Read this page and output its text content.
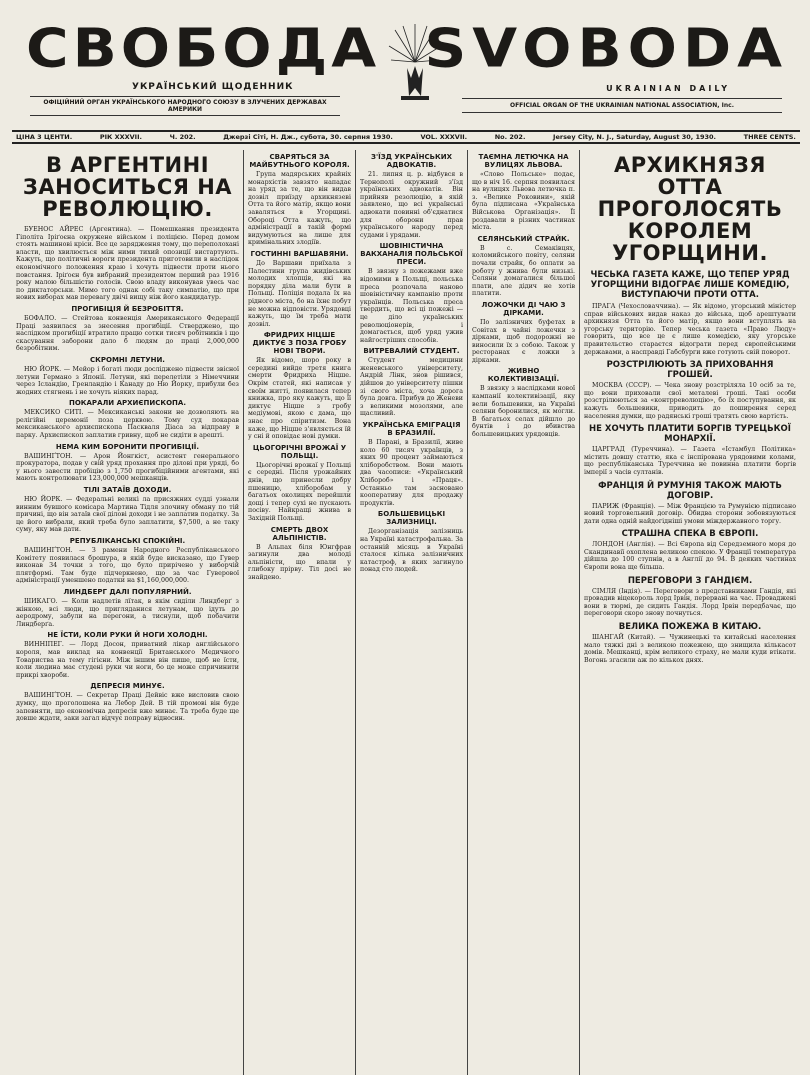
СВОБОДА SVOBODA
УКРАЇНСЬКИЙ ЩОДЕННИК	UKRAINIAN DAILY
ОФІЦІЙНИЙ ОРГАН УКРАЇНСЬКОГО НАРОДНОГО СОЮЗУ В ЗЛУЧЕНИХ ДЕРЖАВАХ АМЕРИКИ
OFFICIAL ORGAN OF THE UKRAINIAN NATIONAL ASSOCIATION, Inc.
ЦІНА 3 ЦЕНТИ.	РІК XXXVII.	Ч. 202.	Джерзі Сіті, Н. Дж., субота, 30. серпня 1930.	VOL. XXXVII.	No. 202.	Jersey City, N. J., Saturday, August 30, 1930.	THREE CENTS.
В АРГЕНТИНІ ЗАНОСИТЬСЯ НА РЕВОЛЮЦІЮ.

БУЕНОС АЙРЕС (Аргентина). — Помешкання президента Гіполіта Іріґоєна окружене військом і поліцією. Перед домом стоять машинові кріси. Все це зарядження тому, що переполохані власти, що хвилюється між ними тихий опозиції вистартують. Кажуть, що політичні вороги президента приготовили в наслідок економічного положення краю і хочуть підвести проти нього повстання. Іріґоєн був вибраний президентом перший раз 1916 року малою більшістю голосів. Свою владу виконував увесь час по диктаторськи. Мимо того однак собі таку симпатію, що при нових виборах мав перевагу двічі вищу ніж його кандидатур.

ПРОГИБІЦІЯ Й БЕЗРОБІТТЯ.

БОФАЛО. — Стейтова конвенція Американського Федерації Праці заявилася за знесення прогибіції. Стверджено, що наслідком прогибіції втратило працю сотки тисяч робітників і що скасування заборони дало б людям до праці 2,000,000 безробітним.

СКРОМНІ ЛЕТУНИ.

НЮ ЙОРК. — Мейор і богаті люди досліджено підвести звісної летуни Германо з Японії. Летуни, які перелетіли з Німеччини через Ісландію, Гренландію і Канаду до Ню Йорку, прибули без жодних стягнень і не хочуть ніяких парад.

ПОКАРАЛИ АРХИЄПИСКОПА.

МЕКСИКО СИТІ. — Мексиканські закони не дозволяють на релігійні церемонії поза церквою. Тому суд покарав мексиканського архиєпископа Паскваля Діаса за відправу в парку. Архиєпископ заплатив гривну, щоб не сидіти в арешті.

НЕМА КИМ БОРОНИТИ ПРОГИБІЦІЇ.

ВАШИНҐТОН. — Арон Йонгкіст, асистент генерального прокуратора, подав у свій уряд прохання про ділові при уряді, бо у нього завести пробіцію з 1,750 прогибіційними агентами, які мають контролювати 123,000,000 мешканців.

ТІЛІ ЗАТАЇВ ДОХОДИ.

НЮ ЙОРК. — Федеральні великі ла присяжних судді узнали винним бувшого комісара Мартина Тідля злочину обману по тій причині, що він затаїв свої ділові доходи і не заплатив податку. За це його вибрали, який треба було заплатити, $7,500, а не таку суму, яку мав дати.

РЕПУБЛІКАНСЬКІ СПОКІЙНІ.

ВАШИНҐТОН. — З рамени Народного Республіканського Комітету появилася брошура, в якій буде висказано, що Гувер виконав 34 точки з того, що було прирічено у виборчій плятформі. Там буде підчеркнено, що за час Гуверової адміністрації уменшено податки на $1,160,000,000.

ЛИНДБЕРГ ДАЛІ ПОПУЛЯРНИЙ.

ШИКАГО. — Коли надлетів лїтак, в якім сиділи Линдберґ з жінкою, всі люди, що пригляданися летунам, що ідуть до аеродрому, забули на перегони, а тиснули, щоб побачити Линдберґа.

НЕ ЇСТИ, КОЛИ РУКИ Й НОГИ ХОЛОДНІ.

ВИННІПЕГ. — Лорд Досон, приватний лікар англійського короля, мав виклад на конвенції Британського Медичного Товариства на тему гігієни. Між іншим він пише, щоб не їсти, коли людина має студені руки чи ноги, бо це може спричинити прикрі хвороби.

ДЕПРЕСІЯ МИНУЄ.

ВАШИНҐТОН. — Секретар Праці Дейвіс вже висловив свою думку, що проголошена на Лебор Дей. В тій промові він буде запевняти, що економічна депресія вже минає. Та треба буде ще довше ждати, заки загал відчує поправу відносин.

СВАРЯТЬСЯ ЗА МАЙБУТНЬОГО КОРОЛЯ.

Група мадярських крайніх монархістів завзято нападає на уряд за те, що він видав дозвіл приїзду архикнязеві Отта та його матір, якщо вони заваляться в Угорщині. Обороці Отта кажуть, що адміністрації в такій формі видумуються на лише для кримінальних злодіїв.

ГОСТИННІ ВАРШАВЯНИ.

До Варшави приїхала з Палестини група жидівських молодих хлопців, які на порядку діла мали бути в Польщі. Поліція подала їх на рідного міста, бо на їхнє побут не можна відповісти. Урядовці кажуть, що їм треба мати дозвіл.

ФРИДРИХ НІЦШЕ ДИКТУЄ З ПОЗА ГРОБУ НОВІ ТВОРИ.

Як відомо, шоро року в середині вийде третя книга смерти Фридриха Ніцше. Окрім статей, які написав у своїм житті, появилася тепер книжка, про яку кажуть, що її диктує Ніцше з гробу медіумові, якою є дама, що знає про спіритизм. Вона каже, що Ніцше з'являється їй у сні й оповідає нові думки.

ЦЬОГОРІЧНІ ВРОЖАЇ У ПОЛЬЩІ.

Цьогорічні врожаї у Польщі є середні. Після урожайних днів, що принесли добру пшеницю, хліборобам у багатьох околицях перейшли дощі і тепер сухі не пускають посіву. Найкращі жнива в Західній Польщі.

СМЕРТЬ ДВОХ АЛЬПІНІСТІВ.

В Альпах біля Юнгфрав загинули два молоді альпіністи, що впали у глибоку прірву. Тіл досі не знайдено.

З'ЇЗД УКРАЇНСЬКИХ АДВОКАТІВ.

21. липня ц. р. відбувся в Тернополі окружний з'їзд українських адвокатів. Він прийняв резолюцію, в якій заявлено, що всі українські адвокати повинні об'єднатися для оборони прав українського народу перед судами і урядами.

ШОВІНІСТИЧНА ВАКХАНАЛІЯ ПОЛЬСЬКОЇ ПРЕСИ.

В звязку з пожежами вже відомими в Польщі, польська преса розпочала наново шовіністичну кампанію проти українців. Польська преса твердить, що всі ці пожежі — це діло українських революціонерів, і домагається, щоб уряд ужив найгостріших способів.

ВИТРЕВАЛИЙ СТУДЕНТ.

Студент медицини женевського університету, Андрій Лінк, знов рішився, дійшов до університету пішки зі свого міста, хоча дорога була довга. Прибув до Женеви з великими мозолями, але щасливий.

УКРАЇНСЬКА ЕМІГРАЦІЯ В БРАЗИЛІЇ.

В Парані, в Бразилії, живе коло 60 тисяч українців, з яких 90 процент займаються хліборобством. Вони мають два часописи: «Український Хлібороб» і «Праця». Останньо там засновано кооперативу для продажу продуктів.

БОЛЬШЕВИЦЬКІ ЗАЛИЗНИЦІ.

Дезорганізація залізниць на Україні катастрофальна. За останній місяць в Україні сталося кілька залізничних катастроф, в яких загинуло понад сто людей.

ТАЄМНА ЛЕТЮЧКА НА ВУЛИЦЯХ ЛЬВОВА.

«Слово Польське» подає, що в ніч 16. серпня появилася на вулицях Львова летючка п. з. «Велике Роковини», якій була підписана «Українська Військова Організація». Її роздавали в різних частинах міста.

СЕЛЯНСЬКИЙ СТРАЙК.

В с. Семаківцях, коломийського повіту, селяни почали страйк, бо оплати за роботу у жнива були низькі. Селяни домагалися більшої плати, але дідич не хотів платити.

ЛОЖОЧКИ ДІ ЧАЮ З ДІРКАМИ.

По залізничих буфетах в Совітах в чайні ложечки з дірками, щоб подорожні не виносили їх з собою. Також у ресторанах є ложки з дірками.

ЖИВНО КОЛЕКТИВІЗАЦІЇ.

В звязку з наслідками нової кампанії колективізації, яку вели большевики, на Україні селяни боронилися, як могли. В багатьох селах дійшло до бунтів і до вбивства большевицьких урядовців.

АРХИКНЯЗЯ ОТТА ПРОГОЛОСЯТЬ КОРОЛЕМ УГОРЩИНИ.
ЧЕСЬКА ГАЗЕТА КАЖЕ, ЩО ТЕПЕР УРЯД УГОРЩИНИ ВІДОГРАЄ ЛИШЕ КОМЕДІЮ, ВИСТУПАЮЧИ ПРОТИ ОТТА.

ПРАГА (Чехословаччина). — Як відомо, угорський міністер справ військових видав наказ до війська, щоб арештувати архикнязя Отта та його матір, якщо вони вступлять на угорську територію. Тепер чеська газета «Право Люду» говорить, що все це є лише комедією, яку угорське правительство стараєтся відограти перед європейськими державами, а насправді Габсбурги вже готують свій поворот.

РОЗСТРІЛЮЮТЬ ЗА ПРИХОВАННЯ ГРОШЕЙ.

МОСКВА (СССР). — Чека знову розстріляла 10 осіб за те, що вони приховали свої металеві гроші. Такі особи розстрілюються за «контрреволюцію», бо їх поступування, як кажуть большевики, приводить до поширення серед населення думки, що радянські гроші тратять свою вартість.

НЕ ХОЧУТЬ ПЛАТИТИ БОРГІВ ТУРЕЦЬКОЇ МОНАРХІЇ.

ЦАРГРАД (Туреччина). — Газета «Істамбул Політика» містить довшу статтю, яка є інспірована урядовими колами, що республіканська Туреччина не повинна платити боргів імперії з часів султанів.

ФРАНЦІЯ Й РУМУНІЯ ТАКОЖ МАЮТЬ ДОГОВІР.

ПАРИЖ (Франція). — Між Францією та Румунією підписано новий торговельний договір. Обидва сторони зобовязуються дати одна одній найдогідніші умови міждержавного торгу.

СТРАШНА СПЕКА В ЄВРОПІ.

ЛОНДОН (Англія). — Всі Європа від Середземного моря до Скандинавії охоплена великою спекою. У Франції температура дійшла до 100 ступнів, а в Англії до 94. В деяких частинах Європи вона ще більша.

ПЕРЕГОВОРИ З ГАНДІЄМ.

СІМЛЯ (Індія). — Переговори з представниками Гандія, які провадив віцекороль лорд Ірвін, перервані на час. Проваджені вони в тюрмі, де сидить Гандія. Лорд Ірвін передбачає, що переговори скоро знову почнуться.

ВЕЛИКА ПОЖЕЖА В КИТАЮ.

ШАНГАЙ (Китай). — Чужинецькі та китайські населення мало тяжкі дні з великою пожежею, що знищила кількасот домів. Мешканці, крім великого страху, не мали куди втікати. Вогонь згасили аж по кількох днях.
